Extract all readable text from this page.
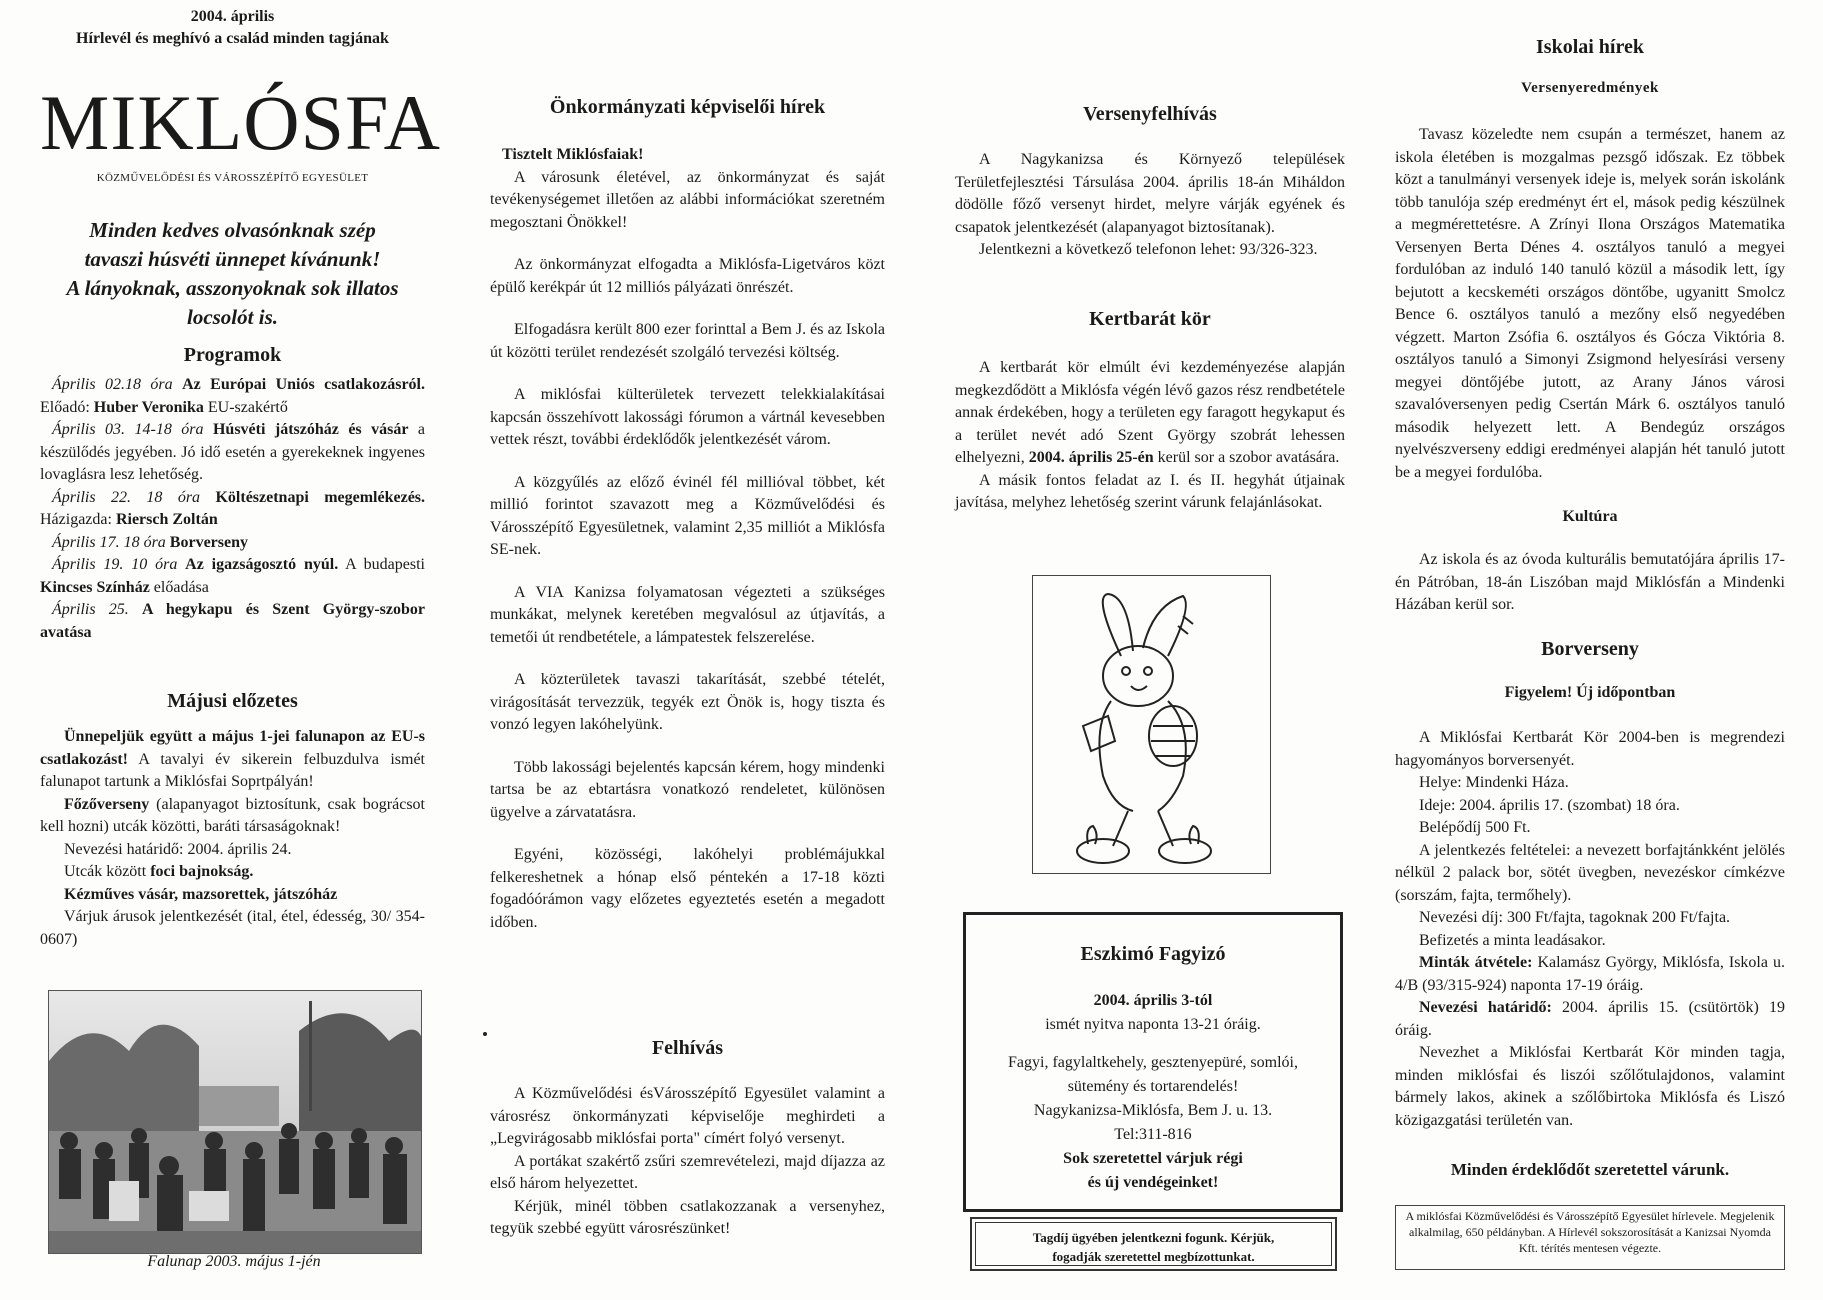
2004. április
Hírlevél és meghívó a család minden tagjának
MIKLÓSFA
KÖZMŰVELŐDÉSI ÉS VÁROSSZÉPÍTŐ EGYESÜLET
Minden kedves olvasónknak szép
tavaszi húsvéti ünnepet kívánunk!
A lányoknak, asszonyoknak sok illatos
locsolót is.
Programok

Április 02.18 óra Az Európai Uniós csatlakozásról. Előadó: Huber Veronika EU-szakértő

Április 03. 14-18 óra Húsvéti játszóház és vásár a készülődés jegyében. Jó idő esetén a gyerekeknek ingyenes lovaglásra lesz lehetőség.

Április 22. 18 óra Költészetnapi megemlékezés. Házigazda: Riersch Zoltán

Április 17. 18 óra Borverseny

Április 19. 10 óra Az igazságosztó nyúl. A budapesti Kincses Színház előadása

Április 25. A hegykapu és Szent György-szobor avatása

Májusi előzetes

Ünnepeljük együtt a május 1-jei falunapon az EU-s csatlakozást! A tavalyi év sikerein felbuzdulva ismét falunapot tartunk a Miklósfai Soprtpályán!

Főzőverseny (alapanyagot biztosítunk, csak bográcsot kell hozni) utcák közötti, baráti társaságoknak!

Nevezési határidő: 2004. április 24.

Utcák között foci bajnokság.

Kézműves vásár, mazsorettek, játszóház

Várjuk árusok jelentkezését (ital, étel, édesség, 30/ 354-0607)

Falunap 2003. május 1-jén
Önkormányzati képviselői hírek

Tisztelt Miklósfaiak!

A városunk életével, az önkormányzat és saját tevékenységemet illetően az alábbi információkat szeretném megosztani Önökkel!

Az önkormányzat elfogadta a Miklósfa-Ligetváros közt épülő kerékpár út 12 milliós pályázati önrészét.

Elfogadásra került 800 ezer forinttal a Bem J. és az Iskola út közötti terület rendezését szolgáló tervezési költség.

A miklósfai külterületek tervezett telekkialakításai kapcsán összehívott lakossági fórumon a vártnál kevesebben vettek részt, további érdeklődők jelentkezését várom.

A közgyűlés az előző évinél fél millióval többet, két millió forintot szavazott meg a Közművelődési és Városszépítő Egyesületnek, valamint 2,35 milliót a Miklósfa SE-nek.

A VIA Kanizsa folyamatosan végezteti a szükséges munkákat, melynek keretében megvalósul az útjavítás, a temetői út rendbetétele, a lámpatestek felszerelése.

A közterületek tavaszi takarítását, szebbé tételét, virágosítását tervezzük, tegyék ezt Önök is, hogy tiszta és vonzó legyen lakóhelyünk.

Több lakossági bejelentés kapcsán kérem, hogy mindenki tartsa be az ebtartásra vonatkozó rendeletet, különösen ügyelve a zárvatatásra.

Egyéni, közösségi, lakóhelyi problémájukkal felkereshetnek a hónap első péntekén a 17-18 közti fogadóórámon vagy előzetes egyeztetés esetén a megadott időben.

Felhívás

A Közművelődési ésVárosszépítő Egyesület valamint a városrész önkormányzati képviselője meghirdeti a „Legvirágosabb miklósfai porta" címért folyó versenyt.

A portákat szakértő zsűri szemrevételezi, majd díjazza az első három helyezettet.

Kérjük, minél többen csatlakozzanak a versenyhez, tegyük szebbé együtt városrészünket!

Versenyfelhívás

A Nagykanizsa és Környező települések Területfejlesztési Társulása 2004. április 18-án Miháldon dödölle főző versenyt hirdet, melyre várják egyének és csapatok jelentkezését (alapanyagot biztosítanak).

Jelentkezni a következő telefonon lehet: 93/326-323.

Kertbarát kör

A kertbarát kör elmúlt évi kezdeményezése alapján megkezdődött a Miklósfa végén lévő gazos rész rendbetétele annak érdekében, hogy a területen egy faragott hegykaput és a terület nevét adó Szent György szobrát lehessen elhelyezni, 2004. április 25-én kerül sor a szobor avatására.

A másik fontos feladat az I. és II. hegyhát útjainak javítása, melyhez lehetőség szerint várunk felajánlásokat.

Eszkimó Fagyizó
2004. április 3-tól
ismét nyitva naponta 13-21 óráig.
Fagyi, fagylaltkehely, gesztenyepüré, somlói,
sütemény és tortarendelés!
Nagykanizsa-Miklósfa, Bem J. u. 13.
Tel:311-816
Sok szeretettel várjuk régi
és új vendégeinket!
Tagdíj ügyében jelentkezni fogunk. Kérjük,
fogadják szeretettel megbízottunkat.
Iskolai hírek
Versenyeredmények

Tavasz közeledte nem csupán a természet, hanem az iskola életében is mozgalmas pezsgő időszak. Ez többek közt a tanulmányi versenyek ideje is, melyek során iskolánk több tanulója szép eredményt ért el, mások pedig készülnek a megmérettetésre. A Zrínyi Ilona Országos Matematika Versenyen Berta Dénes 4. osztályos tanuló a megyei fordulóban az induló 140 tanuló közül a második lett, így bejutott a kecskeméti országos döntőbe, ugyanitt Smolcz Bence 6. osztályos tanuló a mezőny első negyedében végzett. Marton Zsófia 6. osztályos és Gócza Viktória 8. osztályos tanuló a Simonyi Zsigmond helyesírási verseny megyei döntőjébe jutott, az Arany János városi szavalóversenyen pedig Csertán Márk 6. osztályos tanuló második helyezett lett. A Bendegúz országos nyelvészverseny eddigi eredményei alapján hét tanuló jutott be a megyei fordulóba.

Kultúra

Az iskola és az óvoda kulturális bemutatójára április 17-én Pátróban, 18-án Liszóban majd Miklósfán a Mindenki Házában kerül sor.

Borverseny
Figyelem! Új időpontban

A Miklósfai Kertbarát Kör 2004-ben is megrendezi hagyományos borversenyét.

Helye: Mindenki Háza.

Ideje: 2004. április 17. (szombat) 18 óra.

Belépődíj 500 Ft.

A jelentkezés feltételei: a nevezett borfajtánkként jelölés nélkül 2 palack bor, sötét üvegben, nevezéskor címkézve (sorszám, fajta, termőhely).

Nevezési díj: 300 Ft/fajta, tagoknak 200 Ft/fajta.

Befizetés a minta leadásakor.

Minták átvétele: Kalamász György, Miklósfa, Iskola u. 4/B (93/315-924) naponta 17-19 óráig.

Nevezési határidő: 2004. április 15. (csütörtök) 19 óráig.

Nevezhet a Miklósfai Kertbarát Kör minden tagja, minden miklósfai és liszói szőlőtulajdonos, valamint bármely lakos, akinek a szőlőbirtoka Miklósfa és Liszó közigazgatási területén van.

Minden érdeklődőt szeretettel várunk.
A miklósfai Közművelődési és Városszépítő Egyesület hírlevele. Megjelenik alkalmilag, 650 példányban. A Hírlevél sokszorosítását a Kanizsai Nyomda Kft. térítés mentesen végezte.
